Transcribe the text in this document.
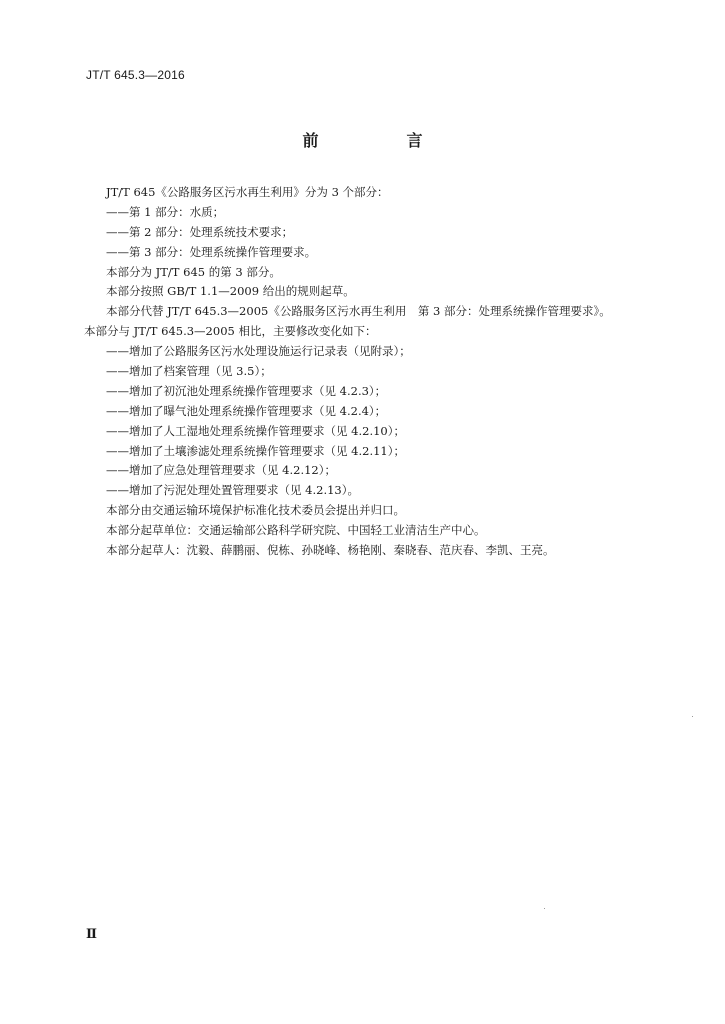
JT/T 645.3—2016
前　言
JT/T 645《公路服务区污水再生利用》分为 3 个部分：
——第 1 部分：水质；
——第 2 部分：处理系统技术要求；
——第 3 部分：处理系统操作管理要求。
本部分为 JT/T 645 的第 3 部分。
本部分按照 GB/T 1.1—2009 给出的规则起草。
本部分代替 JT/T 645.3—2005《公路服务区污水再生利用　第 3 部分：处理系统操作管理要求》。
本部分与 JT/T 645.3—2005 相比，主要修改变化如下：
——增加了公路服务区污水处理设施运行记录表（见附录）；
——增加了档案管理（见 3.5）；
——增加了初沉池处理系统操作管理要求（见 4.2.3）；
——增加了曝气池处理系统操作管理要求（见 4.2.4）；
——增加了人工湿地处理系统操作管理要求（见 4.2.10）；
——增加了土壤渗滤处理系统操作管理要求（见 4.2.11）；
——增加了应急处理管理要求（见 4.2.12）；
——增加了污泥处理处置管理要求（见 4.2.13）。
本部分由交通运输环境保护标准化技术委员会提出并归口。
本部分起草单位：交通运输部公路科学研究院、中国轻工业清洁生产中心。
本部分起草人：沈毅、薛鹏丽、倪栋、孙晓峰、杨艳刚、秦晓春、范庆春、李凯、王亮。
Ⅱ
